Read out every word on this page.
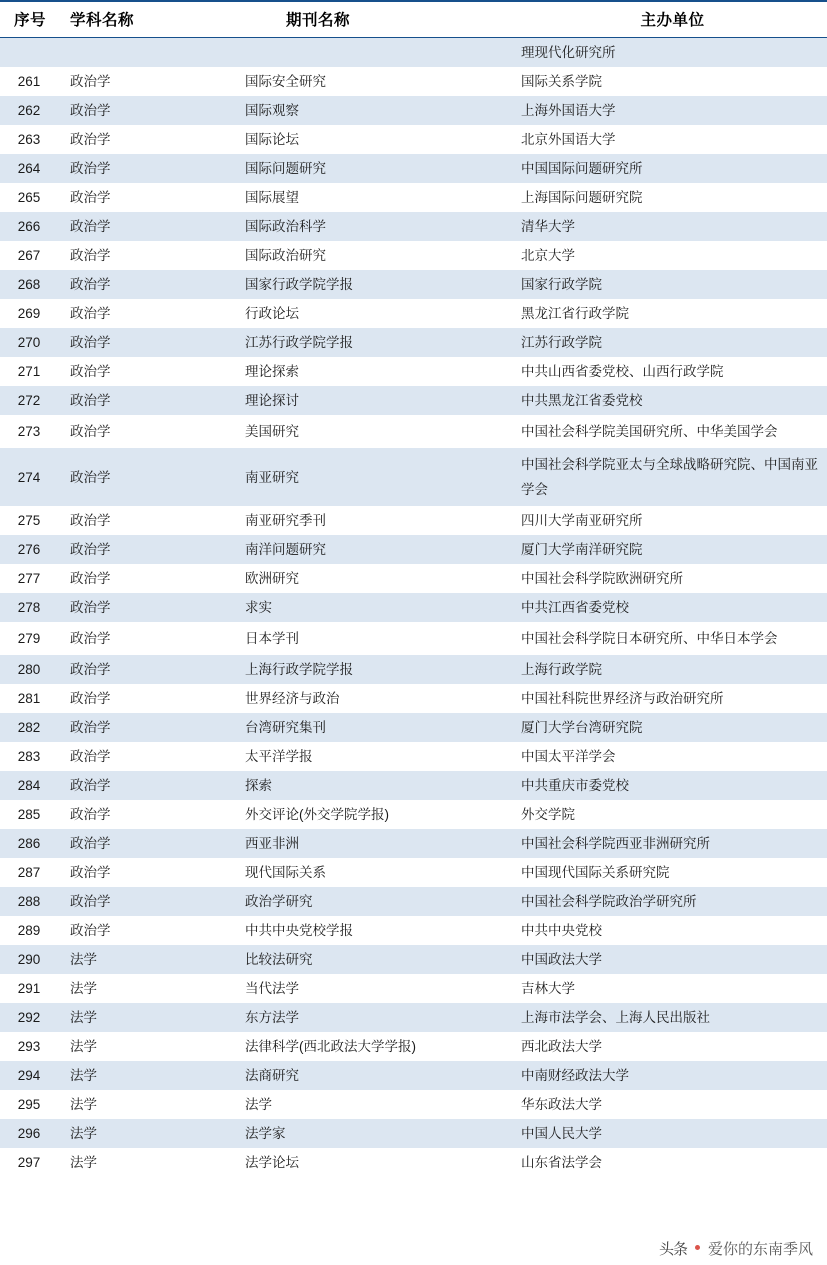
序号	学科名称	期刊名称	主办单位

			理现代化研究所

261	政治学	国际安全研究	国际关系学院

262	政治学	国际观察	上海外国语大学

263	政治学	国际论坛	北京外国语大学

264	政治学	国际问题研究	中国国际问题研究所

265	政治学	国际展望	上海国际问题研究院

266	政治学	国际政治科学	清华大学

267	政治学	国际政治研究	北京大学

268	政治学	国家行政学院学报	国家行政学院

269	政治学	行政论坛	黑龙江省行政学院

270	政治学	江苏行政学院学报	江苏行政学院

271	政治学	理论探索	中共山西省委党校、山西行政学院

272	政治学	理论探讨	中共黑龙江省委党校

273	政治学	美国研究	中国社会科学院美国研究所、中华美国学会

274	政治学	南亚研究	中国社会科学院亚太与全球战略研究院、中国南亚学会

275	政治学	南亚研究季刊	四川大学南亚研究所

276	政治学	南洋问题研究	厦门大学南洋研究院

277	政治学	欧洲研究	中国社会科学院欧洲研究所

278	政治学	求实	中共江西省委党校

279	政治学	日本学刊	中国社会科学院日本研究所、中华日本学会

280	政治学	上海行政学院学报	上海行政学院

281	政治学	世界经济与政治	中国社科院世界经济与政治研究所

282	政治学	台湾研究集刊	厦门大学台湾研究院

283	政治学	太平洋学报	中国太平洋学会

284	政治学	探索	中共重庆市委党校

285	政治学	外交评论(外交学院学报)	外交学院

286	政治学	西亚非洲	中国社会科学院西亚非洲研究所

287	政治学	现代国际关系	中国现代国际关系研究院

288	政治学	政治学研究	中国社会科学院政治学研究所

289	政治学	中共中央党校学报	中共中央党校

290	法学	比较法研究	中国政法大学

291	法学	当代法学	吉林大学

292	法学	东方法学	上海市法学会、上海人民出版社

293	法学	法律科学(西北政法大学学报)	西北政法大学

294	法学	法商研究	中南财经政法大学

295	法学	法学	华东政法大学

296	法学	法学家	中国人民大学

297	法学	法学论坛	山东省法学会
头条 爱你的东南季风
